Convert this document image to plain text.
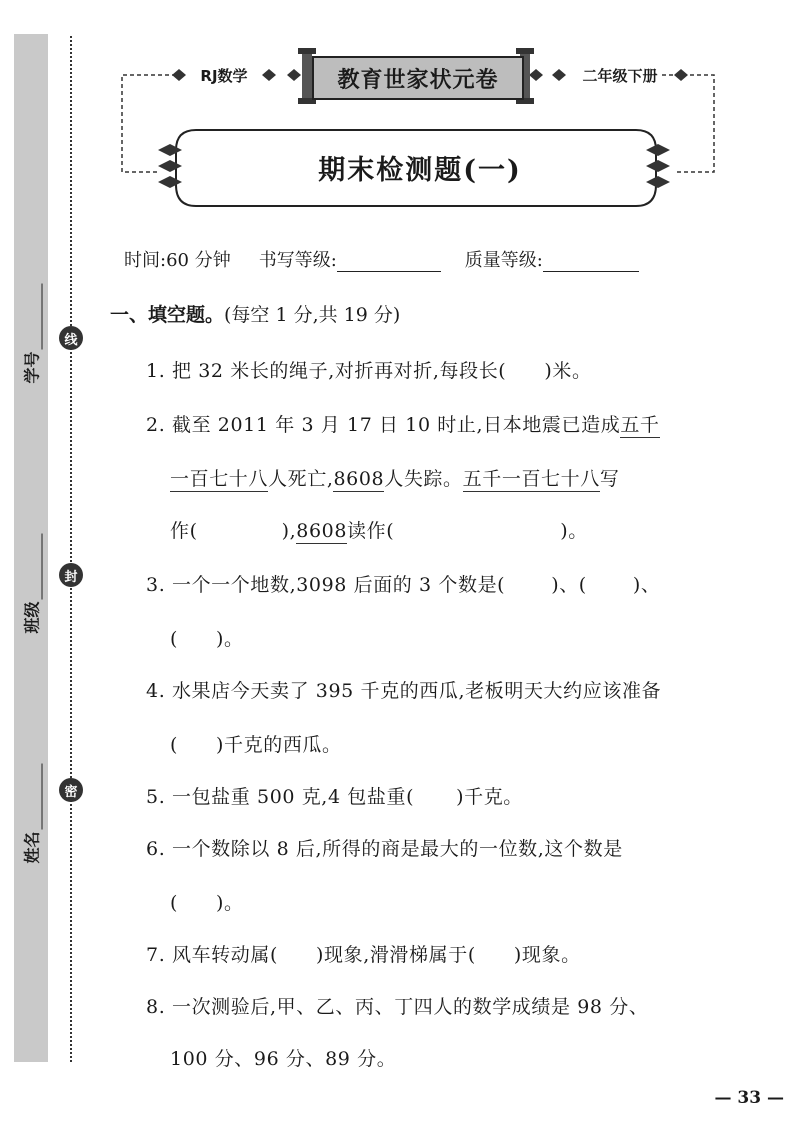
学号
班级
姓名
线
封
密
RJ数学	教育世家状元卷	二年级下册
期末检测题(一)
时间:60 分钟 书写等级:	质量等级:
一、填空题。(每空 1 分,共 19 分)
1. 把 32 米长的绳子,对折再对折,每段长( )米。
2. 截至 2011 年 3 月 17 日 10 时止,日本地震已造成五千
一百七十八人死亡,8608人失踪。五千一百七十八写
作(	),8608读作(	)。
3. 一个一个地数,3098 后面的 3 个数是( )、( )、
( )。
4. 水果店今天卖了 395 千克的西瓜,老板明天大约应该准备
( )千克的西瓜。
5. 一包盐重 500 克,4 包盐重( )千克。
6. 一个数除以 8 后,所得的商是最大的一位数,这个数是
( )。
7. 风车转动属( )现象,滑滑梯属于( )现象。
8. 一次测验后,甲、乙、丙、丁四人的数学成绩是 98 分、
100 分、96 分、89 分。
— 33 —
